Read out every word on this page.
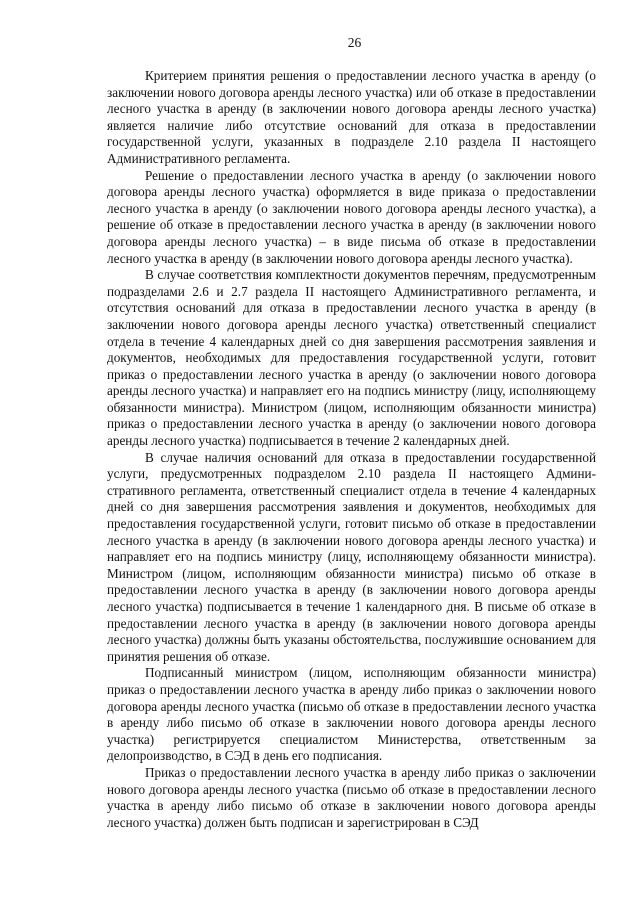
26

Критерием принятия решения о предоставлении лесного участка в аренду (о заключении нового договора аренды лесного участка) или об отказе в предоставлении лесного участка в аренду (в заключении нового договора аренды лесного участка) является наличие либо отсутствие оснований для отказа в предоставлении государственной услуги, указанных в подразделе 2.10 раздела II настоящего Административного регламента.

Решение о предоставлении лесного участка в аренду (о заключении нового договора аренды лесного участка) оформляется в виде приказа о предоставлении лесного участка в аренду (о заключении нового договора аренды лесного участка), а решение об отказе в предоставлении лесного участка в аренду (в заключении нового договора аренды лесного участка) – в виде письма об отказе в предоставлении лесного участка в аренду (в заключении нового договора аренды лесного участка).

В случае соответствия комплектности документов перечням, предусмотренным подразделами 2.6 и 2.7 раздела II настоящего Административного регламента, и отсутствия оснований для отказа в предоставлении лесного участка в аренду (в заключении нового договора аренды лесного участка) ответственный специалист отдела в течение 4 календарных дней со дня завершения рассмотрения заявления и документов, необходимых для предоставления государственной услуги, готовит приказ о предоставлении лесного участка в аренду (о заключении нового договора аренды лесного участка) и направляет его на подпись министру (лицу, исполняющему обязанности министра). Министром (лицом, исполняющим обязанности министра) приказ о предоставлении лесного участка в аренду (о заключении нового договора аренды лесного участка) подписывается в течение 2 календарных дней.

В случае наличия оснований для отказа в предоставлении государственной услуги, предусмотренных подразделом 2.10 раздела II настоящего Административного регламента, ответственный специалист отдела в течение 4 календарных дней со дня завершения рассмотрения заявления и документов, необходимых для предоставления государственной услуги, готовит письмо об отказе в предоставлении лесного участка в аренду (в заключении нового договора аренды лесного участка) и направляет его на подпись министру (лицу, исполняющему обязанности министра). Министром (лицом, исполняющим обязанности министра) письмо об отказе в предоставлении лесного участка в аренду (в заключении нового договора аренды лесного участка) подписывается в течение 1 календарного дня. В письме об отказе в предоставлении лесного участка в аренду (в заключении нового договора аренды лесного участка) должны быть указаны обстоятельства, послужившие основанием для принятия решения об отказе.

Подписанный министром (лицом, исполняющим обязанности министра) приказ о предоставлении лесного участка в аренду либо приказ о заключении нового договора аренды лесного участка (письмо об отказе в предоставлении лесного участка в аренду либо письмо об отказе в заключении нового договора аренды лесного участка) регистрируется специалистом Министерства, ответственным за делопроизводство, в СЭД в день его подписания.

Приказ о предоставлении лесного участка в аренду либо приказ о заключении нового договора аренды лесного участка (письмо об отказе в предоставлении лесного участка в аренду либо письмо об отказе в заключении нового договора аренды лесного участка) должен быть подписан и зарегистрирован в СЭД
